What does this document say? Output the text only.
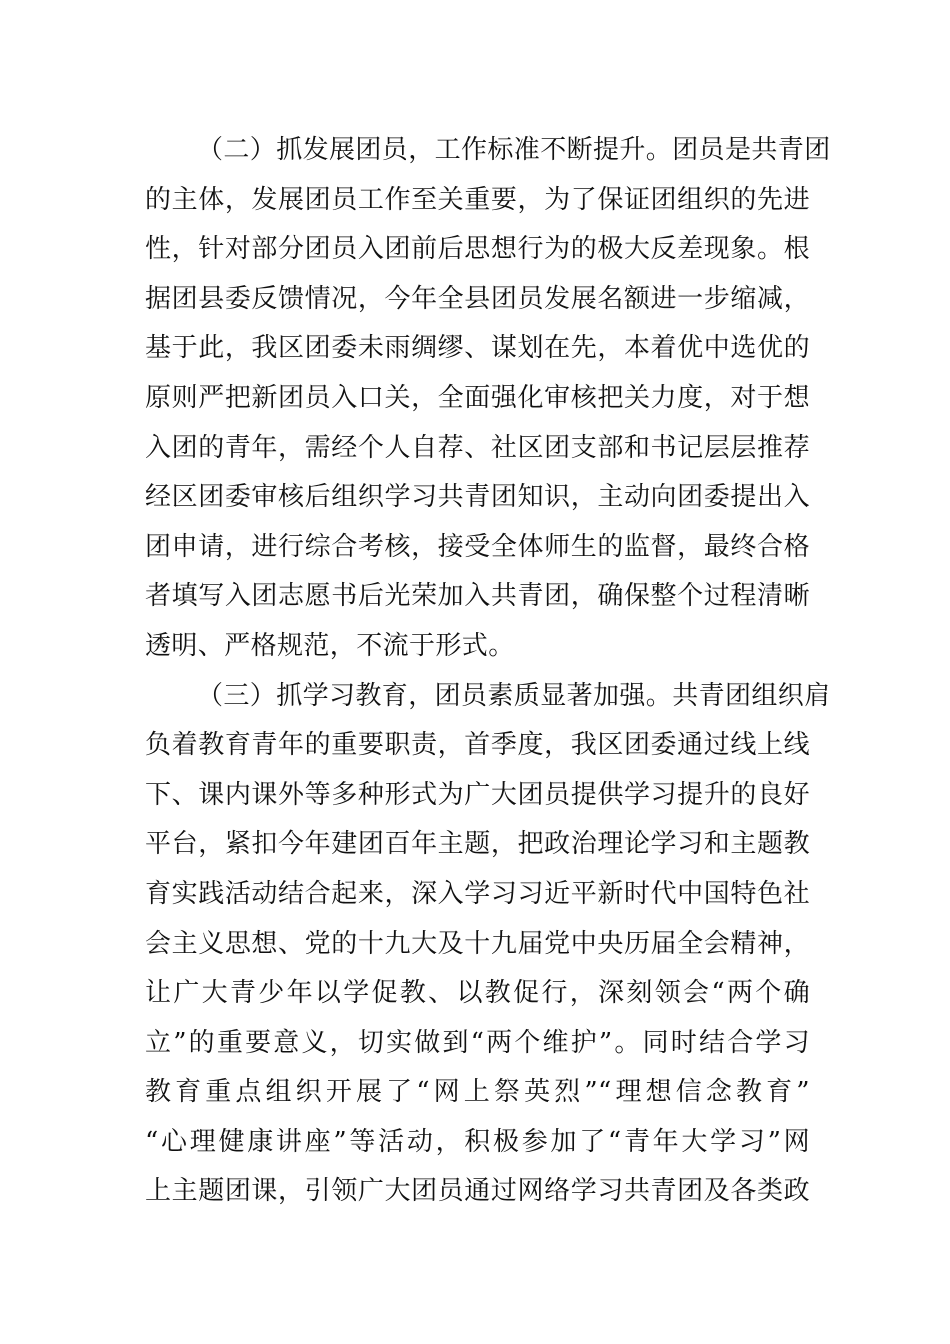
（二）抓发展团员，工作标准不断提升。团员是共青团
的主体，发展团员工作至关重要，为了保证团组织的先进
性，针对部分团员入团前后思想行为的极大反差现象。根
据团县委反馈情况，今年全县团员发展名额进一步缩减，
基于此，我区团委未雨绸缪、谋划在先，本着优中选优的
原则严把新团员入口关，全面强化审核把关力度，对于想
入团的青年，需经个人自荐、社区团支部和书记层层推荐
经区团委审核后组织学习共青团知识，主动向团委提出入
团申请，进行综合考核，接受全体师生的监督，最终合格
者填写入团志愿书后光荣加入共青团，确保整个过程清晰
透明、严格规范，不流于形式。
（三）抓学习教育，团员素质显著加强。共青团组织肩
负着教育青年的重要职责，首季度，我区团委通过线上线
下、课内课外等多种形式为广大团员提供学习提升的良好
平台，紧扣今年建团百年主题，把政治理论学习和主题教
育实践活动结合起来，深入学习习近平新时代中国特色社
会主义思想、党的十九大及十九届党中央历届全会精神，
让广大青少年以学促教、以教促行，深刻领会“两个确
立”的重要意义，切实做到“两个维护”。同时结合学习
教育重点组织开展了“网上祭英烈”“理想信念教育”
“心理健康讲座”等活动，积极参加了“青年大学习”网
上主题团课，引领广大团员通过网络学习共青团及各类政
